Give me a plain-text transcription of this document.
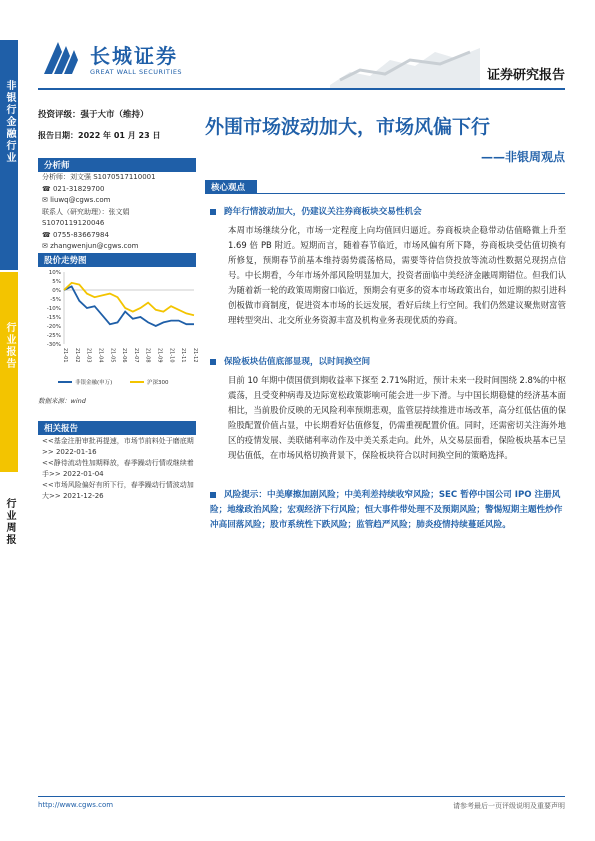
非银行金融行业
行业报告
行业周报
长城证券
GREAT WALL SECURITIES	证券研究报告
投资评级：强于大市（维持）
报告日期：2022 年 01 月 23 日 外围市场波动加大，市场风偏下行
——非银周观点
分析师
分析师：刘文强 S1070517110001
☎ 021-31829700
✉ liuwq@cgws.com
联系人（研究助理）：张文娟
S1070119120046
☎ 0755-83667984
✉ zhangwenjun@cgws.com
股价走势图
10%
5%
0%
-5%
-10%
-15%
-20%
-25%
-30%
21-01 21-02 21-03 21-04 21-05 21-06 21-07 21-08 21-09 21-10 21-11 21-12
非银金融(申万)	沪深300
数据来源：wind
相关报告
<<基金注册审批再提速，市场节前料处于磨底期>> 2022-01-16
<<静待流动性加期释放，春季躁动行情或继续着手>> 2022-01-04
<<市场风险偏好有所下行，春季躁动行情波动加大>> 2021-12-26
核心观点
跨年行情波动加大，仍建议关注券商板块交易性机会
本周市场继续分化，市场一定程度上向均值回归逼近。券商板块企稳带动估值略微上升至 1.69 倍 PB 附近。短期而言，随着春节临近，市场风偏有所下降，券商板块受估值切换有所修复，预期春节前基本维持弱势震荡格局，需要等待信贷投放等流动性数据兑现拐点信号。中长期看，今年市场外部风险明显加大，投资者面临中美经济金融周期错位。但我们认为随着新一轮的政策周期窗口临近，预期会有更多的资本市场政策出台，如近期的拟引进科创板做市商制度，促进资本市场的长远发展，看好后续上行空间。我们仍然建议聚焦财富管理转型突出、北交所业务资源丰富及机构业务表现优质的券商。
保险板块估值底部显现，以时间换空间
目前 10 年期中债国债到期收益率下探至 2.71%附近，预计未来一段时间围绕 2.8%的中枢震荡，且受变种病毒及边际宽松政策影响可能会进一步下滑。与中国长期稳健的经济基本面相比，当前股价反映的无风险利率预期悲观，监管层持续推进市场改革，高分红低估值的保险股配置价值占显，中长期看好估值修复，仍需重视配置价值。同时，还需密切关注海外地区的疫情发展、美联储利率动作及中美关系走向。此外，从交易层面看，保险板块基本已呈现估值低，在市场风格切换背景下，保险板块符合以时间换空间的策略选择。
风险提示：中美摩擦加剧风险；中美利差持续收窄风险；SEC 暂停中国公司 IPO 注册风险；地缘政治风险；宏观经济下行风险；恒大事件带处理不及预期风险；警惕短期主题性炒作冲高回落风险；股市系统性下跌风险；监管趋严风险；肺炎疫情持续蔓延风险。
http://www.cgws.com	请参考最后一页评级说明及重要声明
